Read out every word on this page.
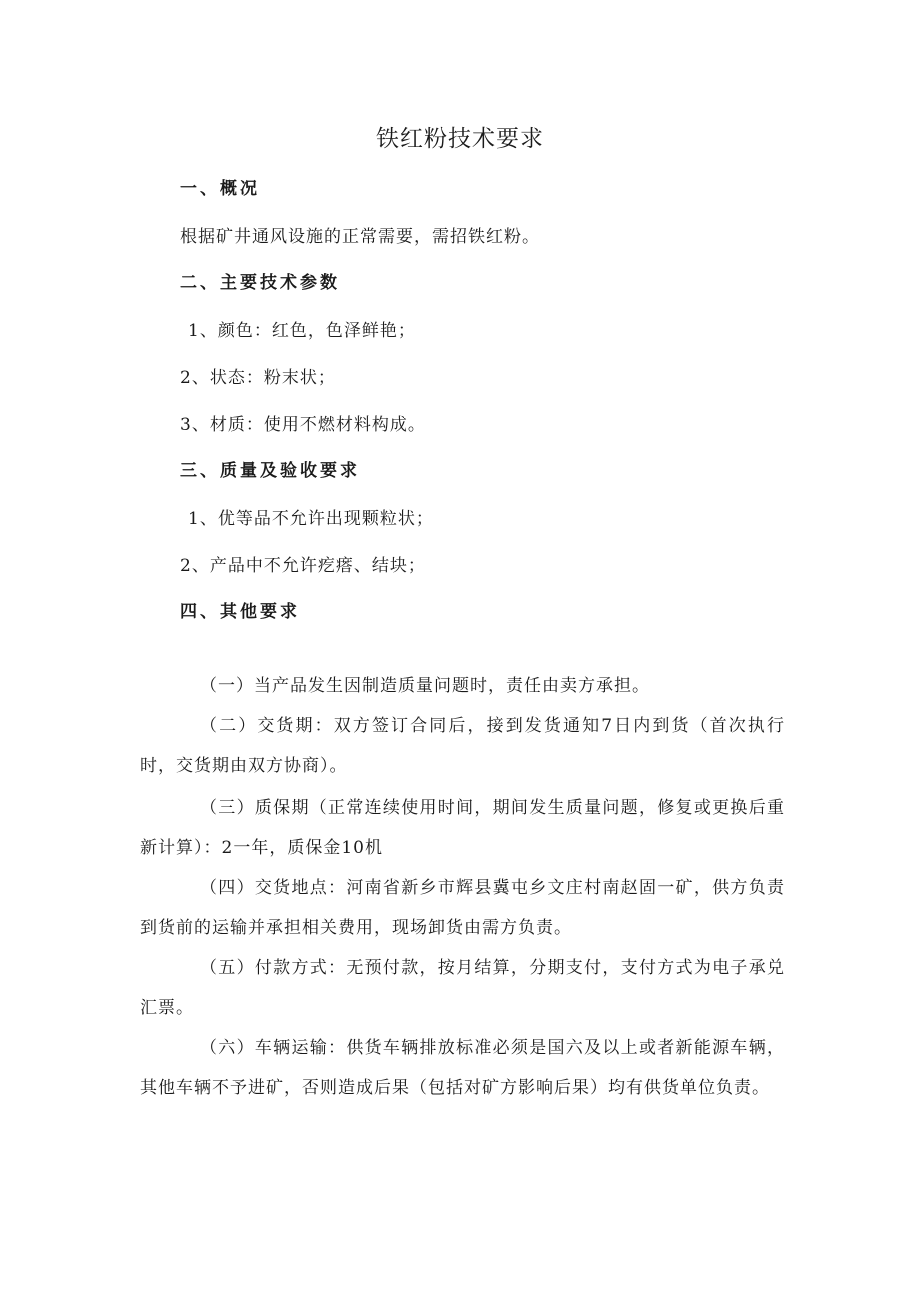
铁红粉技术要求

一、概况

根据矿井通风设施的正常需要，需招铁红粉。

二、主要技术参数

1、颜色：红色，色泽鲜艳；

2、状态：粉末状；

3、材质：使用不燃材料构成。

三、质量及验收要求

1、优等品不允许出现颗粒状；

2、产品中不允许疙瘩、结块；

四、其他要求

（一）当产品发生因制造质量问题时，责任由卖方承担。

（二）交货期：双方签订合同后，接到发货通知7日内到货（首次执行时，交货期由双方协商）。

（三）质保期（正常连续使用时间，期间发生质量问题，修复或更换后重新计算）：2一年，质保金10机

（四）交货地点：河南省新乡市辉县冀屯乡文庄村南赵固一矿，供方负责到货前的运输并承担相关费用，现场卸货由需方负责。

（五）付款方式：无预付款，按月结算，分期支付，支付方式为电子承兑汇票。

（六）车辆运输：供货车辆排放标准必须是国六及以上或者新能源车辆，其他车辆不予进矿，否则造成后果（包括对矿方影响后果）均有供货单位负责。
